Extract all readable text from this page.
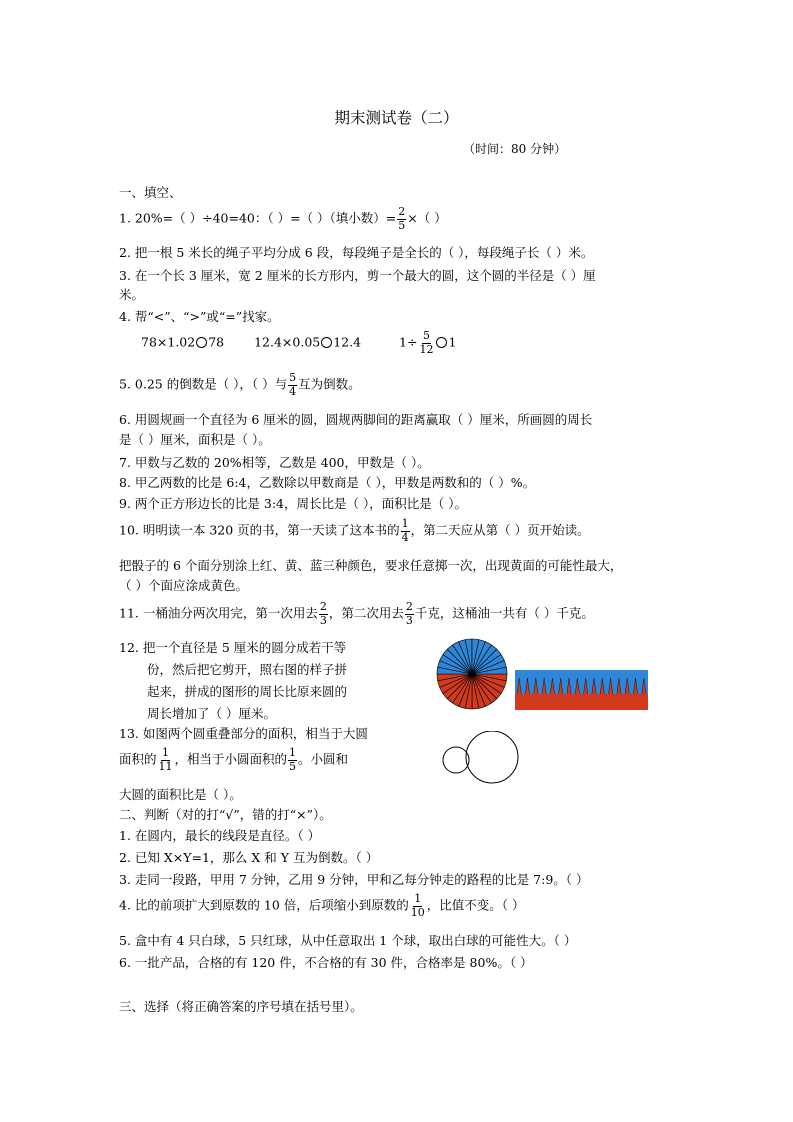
期末测试卷（二）
（时间：80 分钟）
一、填空、
1. 20%=（ ）÷40=40：（ ）=（ ）（填小数）= $\frac{2}{5}$ ×（ ）
2. 把一根 5 米长的绳子平均分成 6 段，每段绳子是全长的（ ），每段绳子长（ ）米。
3. 在一个长 3 厘米，宽 2 厘米的长方形内，剪一个最大的圆，这个圆的半径是（ ）厘
米。
4. 帮“<”、“>”或“=”找家。
78×1.02 78 12.4×0.05 12.4	$1\div \frac{5}{12} 1$
5. 0.25 的倒数是（ ），（ ）与 $\frac{5}{4}$ 互为倒数。
6. 用圆规画一个直径为 6 厘米的圆，圆规两脚间的距离赢取（ ）厘米，所画圆的周长
是（ ）厘米，面积是（ ）。
7. 甲数与乙数的 20%相等，乙数是 400，甲数是（ ）。
8. 甲乙两数的比是 6:4，乙数除以甲数商是（ ），甲数是两数和的（ ）%。
9. 两个正方形边长的比是 3:4，周长比是（ ），面积比是（ ）。
10. 明明读一本 320 页的书，第一天读了这本书的 $\frac{1}{4}$ ，第二天应从第（ ）页开始读。
把骰子的 6 个面分别涂上红、黄、蓝三种颜色，要求任意掷一次，出现黄面的可能性最大，
（ ）个面应涂成黄色。
11. 一桶油分两次用完，第一次用去 $\frac{2}{3}$ ，第二次用去 $\frac{2}{3}$ 千克，这桶油一共有（ ）千克。
12. 把一个直径是 5 厘米的圆分成若干等
份，然后把它剪开，照右图的样子拼
起来，拼成的图形的周长比原来圆的
周长增加了（ ）厘米。
13. 如图两个圆重叠部分的面积，相当于大圆
面积的 $\frac{1}{11}$ ，相当于小圆面积的 $\frac{1}{5}$ 。小圆和
大圆的面积比是（ ）。
二、判断（对的打“√”，错的打“×”）。
1. 在圆内，最长的线段是直径。（ ）
2. 已知 X×Y=1，那么 X 和 Y 互为倒数。（ ）
3. 走同一段路，甲用 7 分钟，乙用 9 分钟，甲和乙每分钟走的路程的比是 7:9。（ ）
4. 比的前项扩大到原数的 10 倍，后项缩小到原数的 $\frac{1}{10}$ ，比值不变。（ ）
5. 盒中有 4 只白球，5 只红球，从中任意取出 1 个球，取出白球的可能性大。（ ）
6. 一批产品，合格的有 120 件，不合格的有 30 件，合格率是 80%。（ ）
三、选择（将正确答案的序号填在括号里）。
